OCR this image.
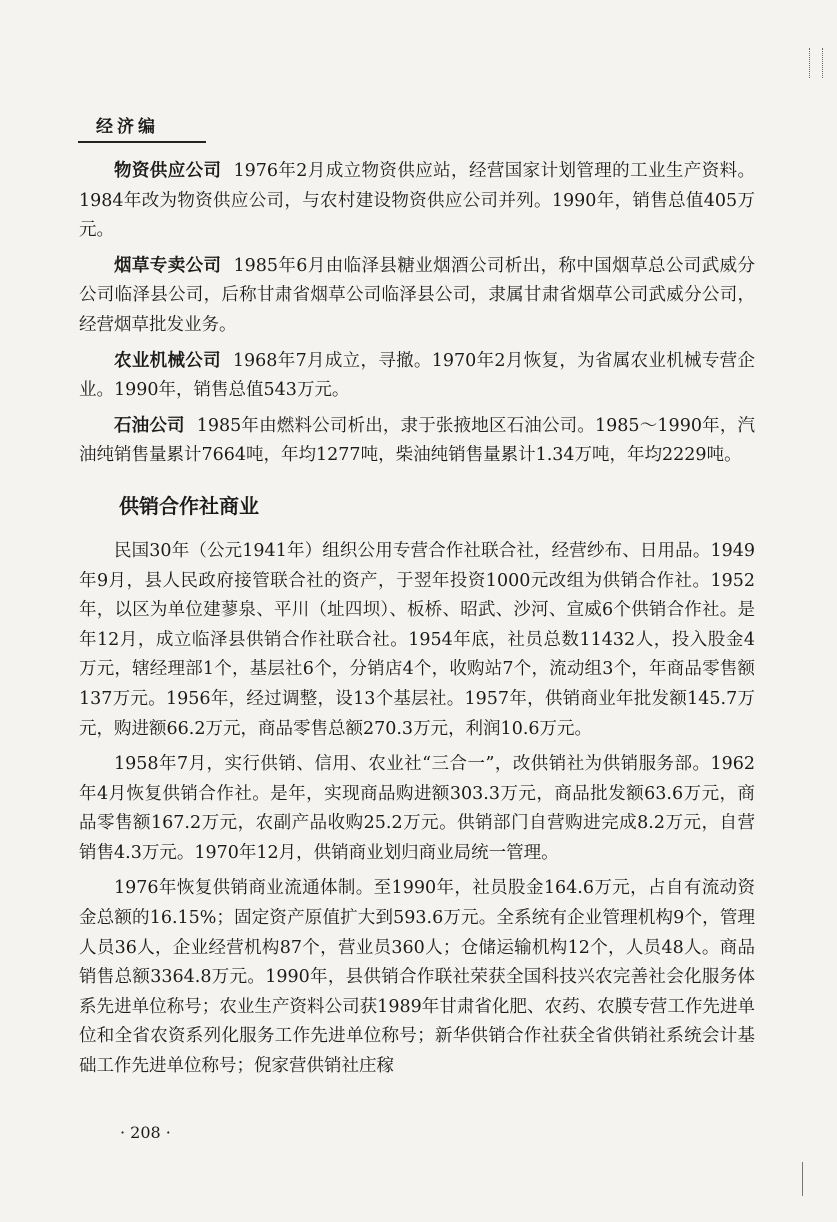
经济编

物资供应公司 1976年2月成立物资供应站，经营国家计划管理的工业生产资料。1984年改为物资供应公司，与农村建设物资供应公司并列。1990年，销售总值405万元。

烟草专卖公司 1985年6月由临泽县糖业烟酒公司析出，称中国烟草总公司武威分公司临泽县公司，后称甘肃省烟草公司临泽县公司，隶属甘肃省烟草公司武威分公司，经营烟草批发业务。

农业机械公司 1968年7月成立，寻撤。1970年2月恢复，为省属农业机械专营企业。1990年，销售总值543万元。

石油公司 1985年由燃料公司析出，隶于张掖地区石油公司。1985～1990年，汽油纯销售量累计7664吨，年均1277吨，柴油纯销售量累计1.34万吨，年均2229吨。

供销合作社商业

民国30年（公元1941年）组织公用专营合作社联合社，经营纱布、日用品。1949年9月，县人民政府接管联合社的资产，于翌年投资1000元改组为供销合作社。1952年，以区为单位建蓼泉、平川（址四坝）、板桥、昭武、沙河、宣威6个供销合作社。是年12月，成立临泽县供销合作社联合社。1954年底，社员总数11432人，投入股金4万元，辖经理部1个，基层社6个，分销店4个，收购站7个，流动组3个，年商品零售额137万元。1956年，经过调整，设13个基层社。1957年，供销商业年批发额145.7万元，购进额66.2万元，商品零售总额270.3万元，利润10.6万元。

1958年7月，实行供销、信用、农业社“三合一”，改供销社为供销服务部。1962年4月恢复供销合作社。是年，实现商品购进额303.3万元，商品批发额63.6万元，商品零售额167.2万元，农副产品收购25.2万元。供销部门自营购进完成8.2万元，自营销售4.3万元。1970年12月，供销商业划归商业局统一管理。

1976年恢复供销商业流通体制。至1990年，社员股金164.6万元，占自有流动资金总额的16.15%；固定资产原值扩大到593.6万元。全系统有企业管理机构9个，管理人员36人，企业经营机构87个，营业员360人；仓储运输机构12个，人员48人。商品销售总额3364.8万元。1990年，县供销合作联社荣获全国科技兴农完善社会化服务体系先进单位称号；农业生产资料公司获1989年甘肃省化肥、农药、农膜专营工作先进单位和全省农资系列化服务工作先进单位称号；新华供销合作社获全省供销社系统会计基础工作先进单位称号；倪家营供销社庄稼

· 208 ·
